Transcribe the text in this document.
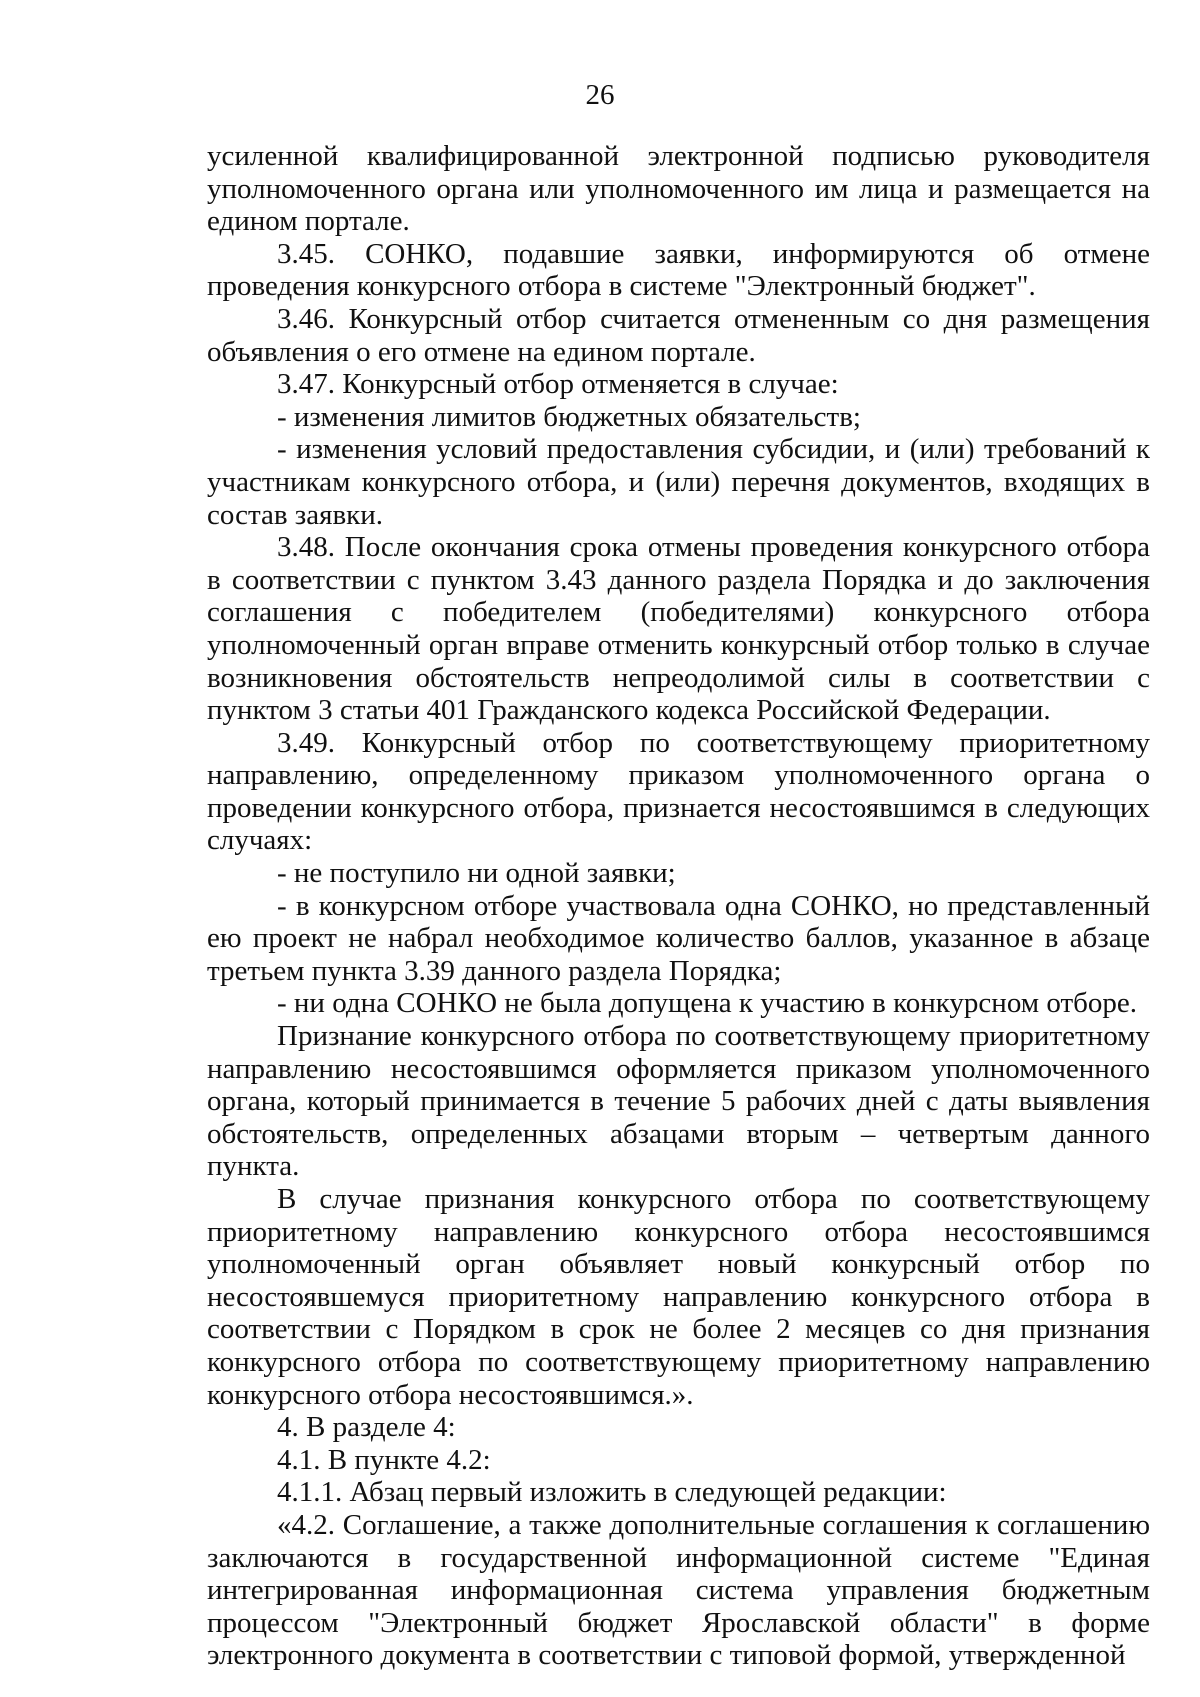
26

усиленной квалифицированной электронной подписью руководителя уполномоченного органа или уполномоченного им лица и размещается на едином портале.

3.45. СОНКО, подавшие заявки, информируются об отмене проведения конкурсного отбора в системе "Электронный бюджет".

3.46. Конкурсный отбор считается отмененным со дня размещения объявления о его отмене на едином портале.

3.47. Конкурсный отбор отменяется в случае:

- изменения лимитов бюджетных обязательств;

- изменения условий предоставления субсидии, и (или) требований к участникам конкурсного отбора, и (или) перечня документов, входящих в состав заявки.

3.48. После окончания срока отмены проведения конкурсного отбора в соответствии с пунктом 3.43 данного раздела Порядка и до заключения соглашения с победителем (победителями) конкурсного отбора уполномоченный орган вправе отменить конкурсный отбор только в случае возникновения обстоятельств непреодолимой силы в соответствии с пунктом 3 статьи 401 Гражданского кодекса Российской Федерации.

3.49. Конкурсный отбор по соответствующему приоритетному направлению, определенному приказом уполномоченного органа о проведении конкурсного отбора, признается несостоявшимся в следующих случаях:

- не поступило ни одной заявки;

- в конкурсном отборе участвовала одна СОНКО, но представленный ею проект не набрал необходимое количество баллов, указанное в абзаце третьем пункта 3.39 данного раздела Порядка;

- ни одна СОНКО не была допущена к участию в конкурсном отборе.

Признание конкурсного отбора по соответствующему приоритетному направлению несостоявшимся оформляется приказом уполномоченного органа, который принимается в течение 5 рабочих дней с даты выявления обстоятельств, определенных абзацами вторым – четвертым данного пункта.

В случае признания конкурсного отбора по соответствующему приоритетному направлению конкурсного отбора несостоявшимся уполномоченный орган объявляет новый конкурсный отбор по несостоявшемуся приоритетному направлению конкурсного отбора в соответствии с Порядком в срок не более 2 месяцев со дня признания конкурсного отбора по соответствующему приоритетному направлению конкурсного отбора несостоявшимся.».

4. В разделе 4:

4.1. В пункте 4.2:

4.1.1. Абзац первый изложить в следующей редакции:

«4.2. Соглашение, а также дополнительные соглашения к соглашению заключаются в государственной информационной системе "Единая интегрированная информационная система управления бюджетным процессом "Электронный бюджет Ярославской области" в форме электронного документа в соответствии с типовой формой, утвержденной
